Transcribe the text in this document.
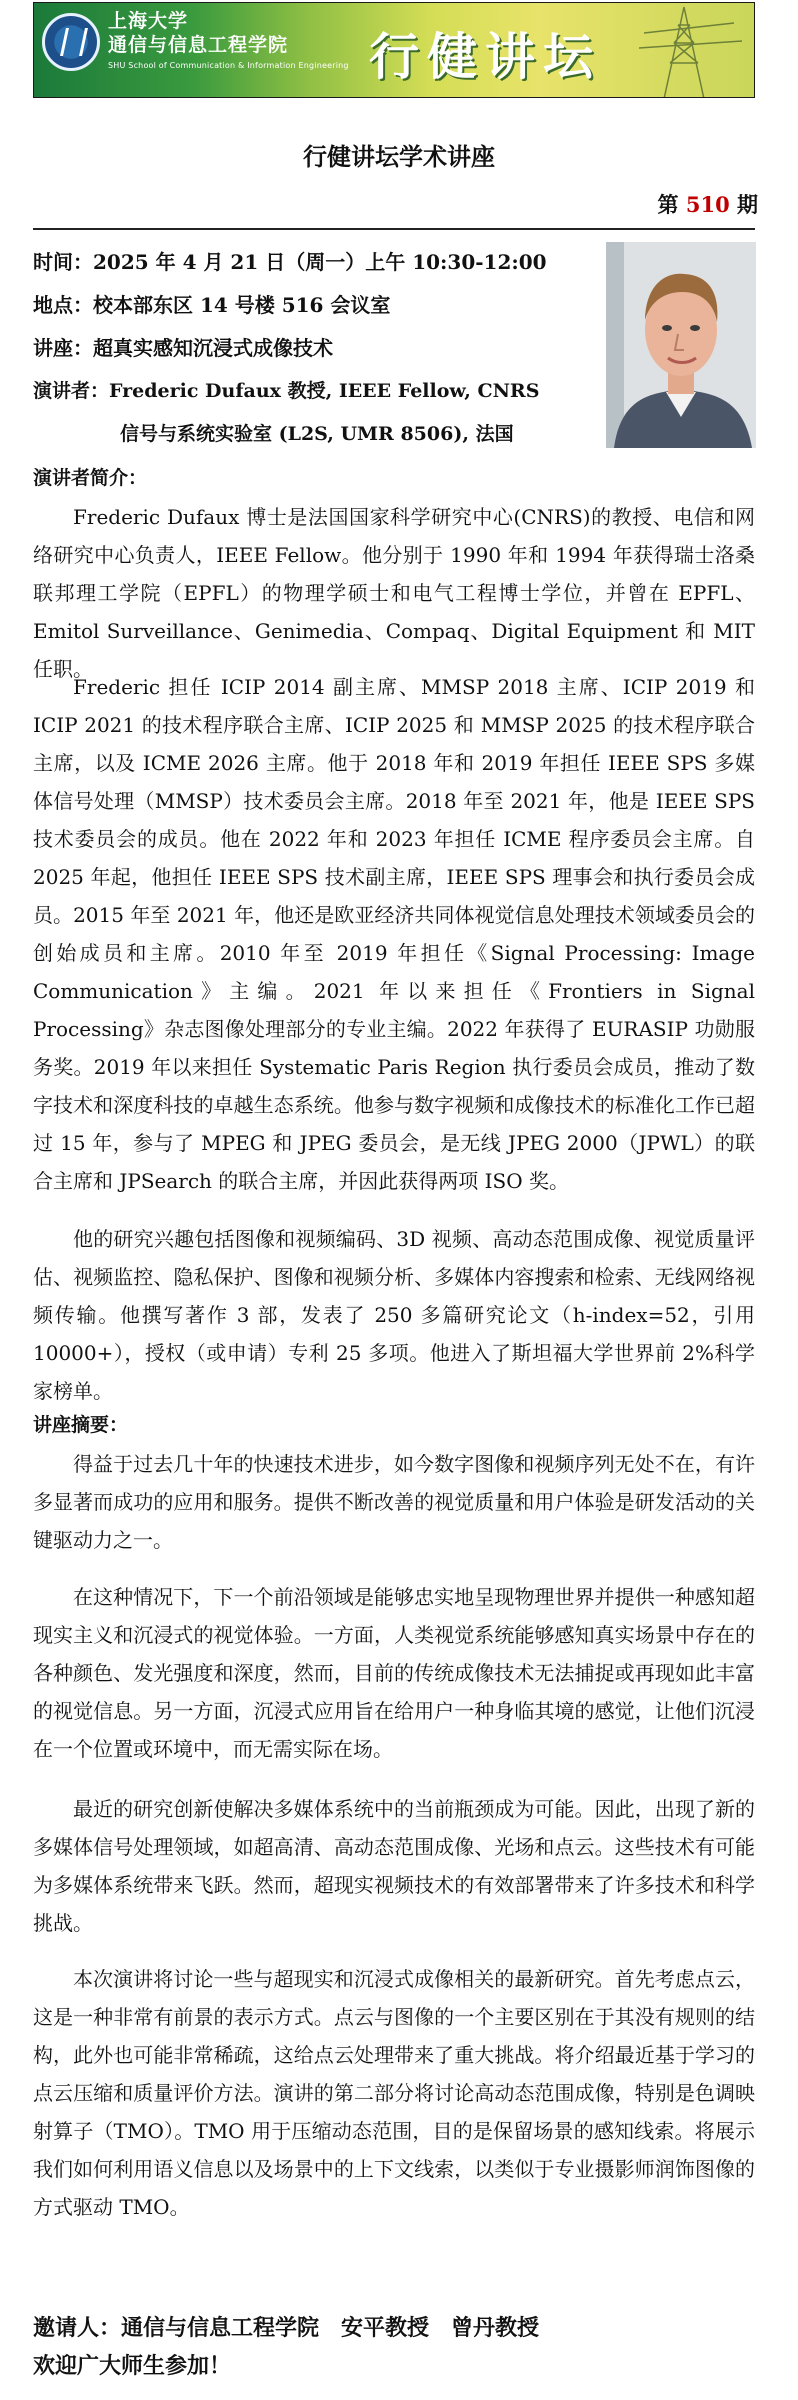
上海大学
通信与信息工程学院
SHU School of Communication & Information Engineering 行健讲坛
行健讲坛学术讲座
第 510 期
时间：2025 年 4 月 21 日（周一）上午 10:30-12:00
地点：校本部东区 14 号楼 516 会议室
讲座：超真实感知沉浸式成像技术
演讲者：Frederic Dufaux 教授, IEEE Fellow, CNRS
信号与系统实验室 (L2S, UMR 8506), 法国
演讲者简介：
Frederic Dufaux 博士是法国国家科学研究中心(CNRS)的教授、电信和网络研究中心负责人，IEEE Fellow。他分别于 1990 年和 1994 年获得瑞士洛桑联邦理工学院（EPFL）的物理学硕士和电气工程博士学位，并曾在 EPFL、Emitol Surveillance、Genimedia、Compaq、Digital Equipment 和 MIT 任职。
Frederic 担任 ICIP 2014 副主席、MMSP 2018 主席、ICIP 2019 和 ICIP 2021 的技术程序联合主席、ICIP 2025 和 MMSP 2025 的技术程序联合主席，以及 ICME 2026 主席。他于 2018 年和 2019 年担任 IEEE SPS 多媒体信号处理（MMSP）技术委员会主席。2018 年至 2021 年，他是 IEEE SPS 技术委员会的成员。他在 2022 年和 2023 年担任 ICME 程序委员会主席。自 2025 年起，他担任 IEEE SPS 技术副主席，IEEE SPS 理事会和执行委员会成员。2015 年至 2021 年，他还是欧亚经济共同体视觉信息处理技术领域委员会的创始成员和主席。2010 年至 2019 年担任《Signal Processing: Image Communication》主编。2021 年以来担任《Frontiers in Signal Processing》杂志图像处理部分的专业主编。2022 年获得了 EURASIP 功勋服务奖。2019 年以来担任 Systematic Paris Region 执行委员会成员，推动了数字技术和深度科技的卓越生态系统。他参与数字视频和成像技术的标准化工作已超过 15 年，参与了 MPEG 和 JPEG 委员会，是无线 JPEG 2000（JPWL）的联合主席和 JPSearch 的联合主席，并因此获得两项 ISO 奖。
他的研究兴趣包括图像和视频编码、3D 视频、高动态范围成像、视觉质量评估、视频监控、隐私保护、图像和视频分析、多媒体内容搜索和检索、无线网络视频传输。他撰写著作 3 部，发表了 250 多篇研究论文（h-index=52，引用 10000+），授权（或申请）专利 25 多项。他进入了斯坦福大学世界前 2%科学家榜单。
讲座摘要：
得益于过去几十年的快速技术进步，如今数字图像和视频序列无处不在，有许多显著而成功的应用和服务。提供不断改善的视觉质量和用户体验是研发活动的关键驱动力之一。
在这种情况下，下一个前沿领域是能够忠实地呈现物理世界并提供一种感知超现实主义和沉浸式的视觉体验。一方面，人类视觉系统能够感知真实场景中存在的各种颜色、发光强度和深度，然而，目前的传统成像技术无法捕捉或再现如此丰富的视觉信息。另一方面，沉浸式应用旨在给用户一种身临其境的感觉，让他们沉浸在一个位置或环境中，而无需实际在场。
最近的研究创新使解决多媒体系统中的当前瓶颈成为可能。因此，出现了新的多媒体信号处理领域，如超高清、高动态范围成像、光场和点云。这些技术有可能为多媒体系统带来飞跃。然而，超现实视频技术的有效部署带来了许多技术和科学挑战。
本次演讲将讨论一些与超现实和沉浸式成像相关的最新研究。首先考虑点云，这是一种非常有前景的表示方式。点云与图像的一个主要区别在于其没有规则的结构，此外也可能非常稀疏，这给点云处理带来了重大挑战。将介绍最近基于学习的点云压缩和质量评价方法。演讲的第二部分将讨论高动态范围成像，特别是色调映射算子（TMO）。TMO 用于压缩动态范围，目的是保留场景的感知线索。将展示我们如何利用语义信息以及场景中的上下文线索，以类似于专业摄影师润饰图像的方式驱动 TMO。
邀请人：通信与信息工程学院　安平教授　曾丹教授
欢迎广大师生参加！
